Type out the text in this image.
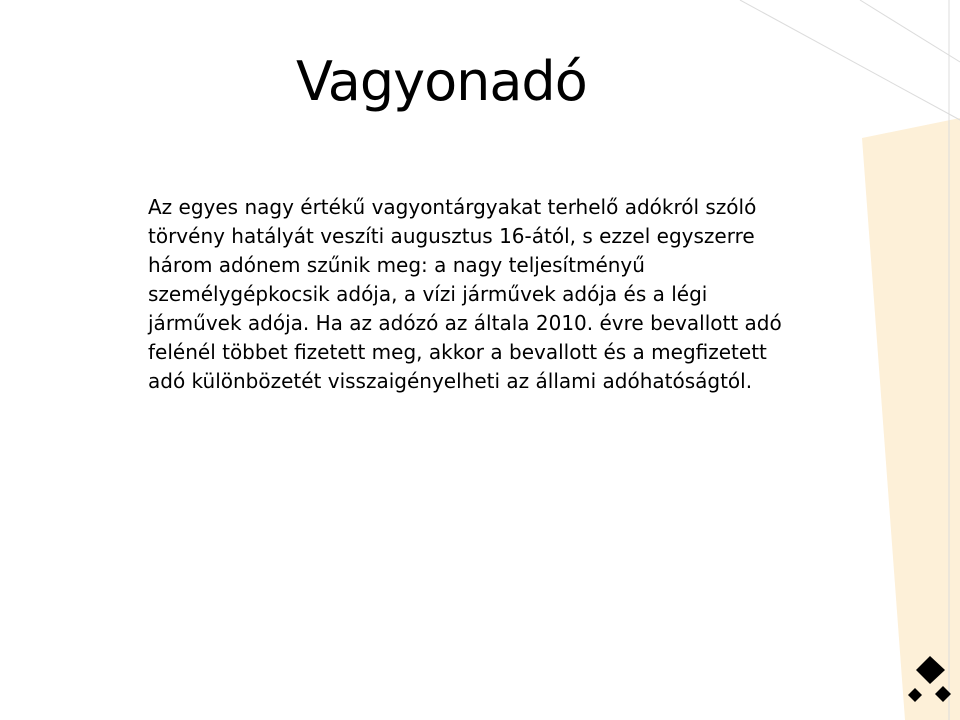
Vagyonadó

Az egyes nagy értékű vagyontárgyakat terhelő adókról szóló
törvény hatályát veszíti augusztus 16-ától, s ezzel egyszerre
három adónem szűnik meg: a nagy teljesítményű
személygépkocsik adója, a vízi járművek adója és a légi
járművek adója. Ha az adózó az általa 2010. évre bevallott adó
felénél többet fizetett meg, akkor a bevallott és a megfizetett
adó különbözetét visszaigényelheti az állami adóhatóságtól.
